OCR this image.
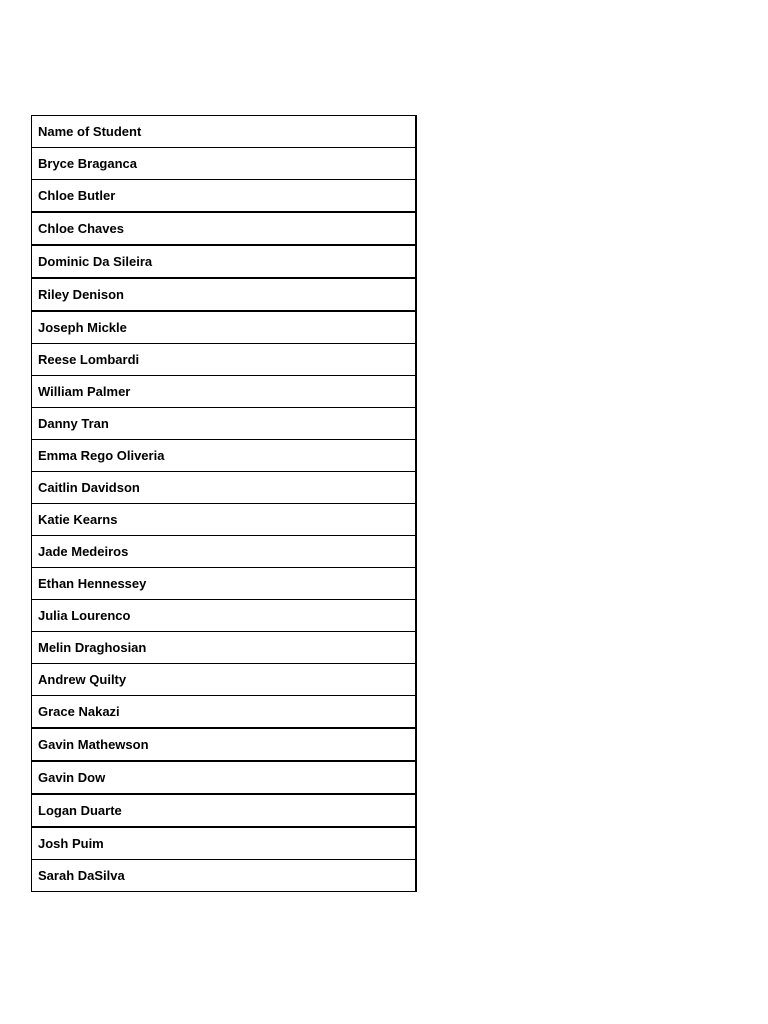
Name of Student
Bryce Braganca
Chloe Butler
Chloe Chaves
Dominic Da Sileira
Riley Denison
Joseph Mickle
Reese Lombardi
William Palmer
Danny Tran
Emma Rego Oliveria
Caitlin Davidson
Katie Kearns
Jade Medeiros
Ethan Hennessey
Julia Lourenco
Melin Draghosian
Andrew Quilty
Grace Nakazi
Gavin Mathewson
Gavin Dow
Logan Duarte
Josh Puim
Sarah DaSilva
